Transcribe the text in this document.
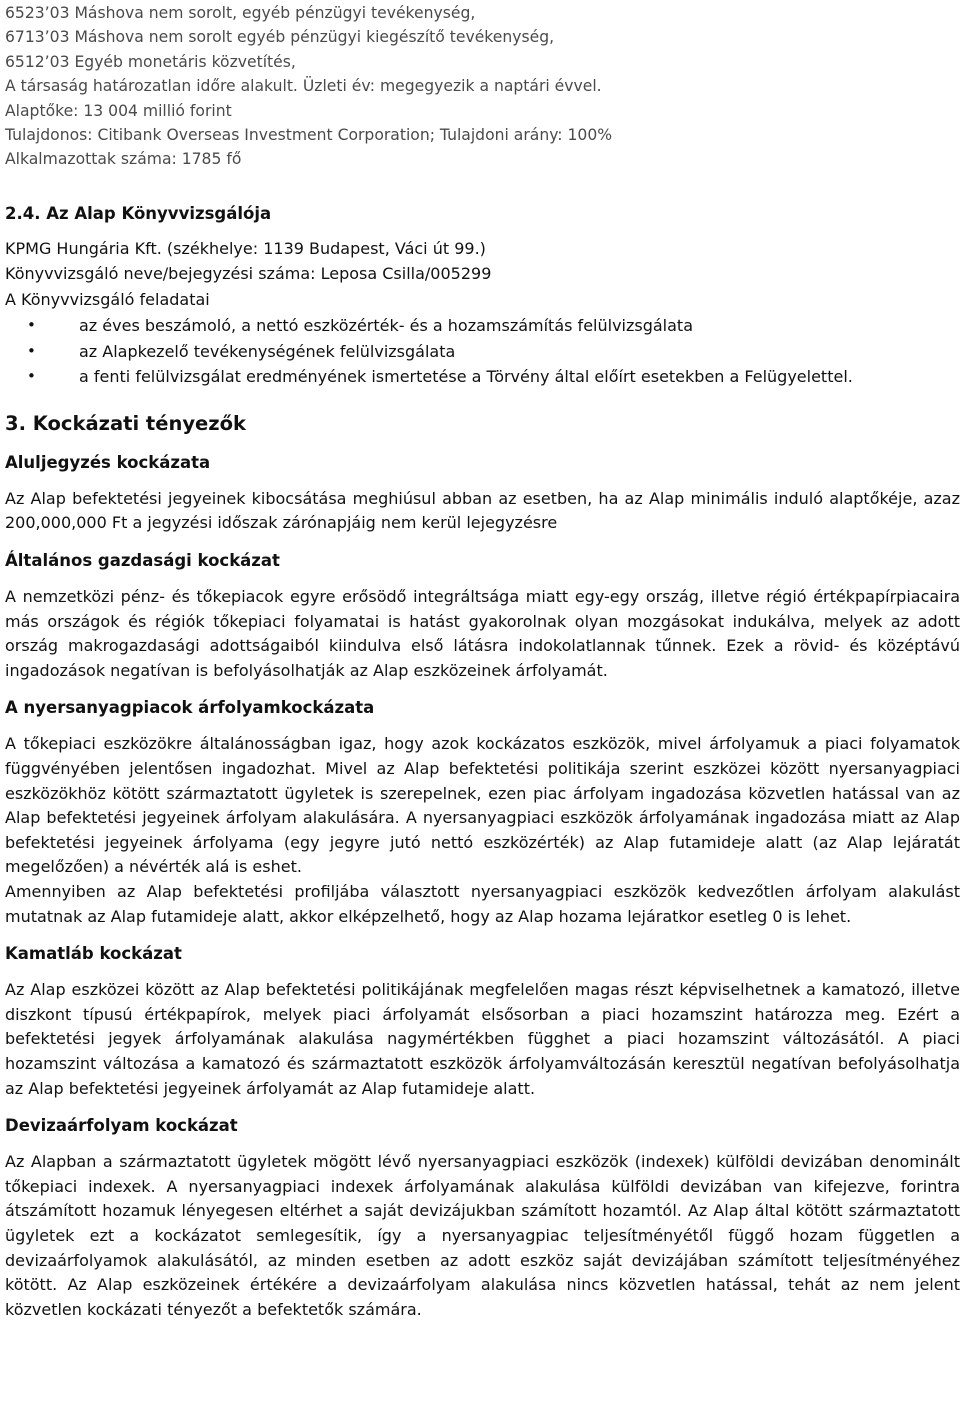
6523’03 Máshova nem sorolt, egyéb pénzügyi tevékenység,
6713’03 Máshova nem sorolt egyéb pénzügyi kiegészítő tevékenység,
6512’03 Egyéb monetáris közvetítés,
A társaság határozatlan időre alakult. Üzleti év: megegyezik a naptári évvel.
Alaptőke: 13 004 millió forint
Tulajdonos: Citibank Overseas Investment Corporation; Tulajdoni arány: 100%
Alkalmazottak száma: 1785 fő
2.4. Az Alap Könyvvizsgálója
KPMG Hungária Kft. (székhelye: 1139 Budapest, Váci út 99.)
Könyvvizsgáló neve/bejegyzési száma: Leposa Csilla/005299
A Könyvvizsgáló feladatai
•	az éves beszámoló, a nettó eszközérték- és a hozamszámítás felülvizsgálata
•	az Alapkezelő tevékenységének felülvizsgálata
•	a fenti felülvizsgálat eredményének ismertetése a Törvény által előírt esetekben a Felügyelettel.
3. Kockázati tényezők
Aluljegyzés kockázata

Az Alap befektetési jegyeinek kibocsátása meghiúsul abban az esetben, ha az Alap minimális induló alaptőkéje, azaz 200,000,000 Ft a jegyzési időszak zárónapjáig nem kerül lejegyzésre

Általános gazdasági kockázat

A nemzetközi pénz- és tőkepiacok egyre erősödő integráltsága miatt egy-egy ország, illetve régió értékpapírpiacaira más országok és régiók tőkepiaci folyamatai is hatást gyakorolnak olyan mozgásokat indukálva, melyek az adott ország makrogazdasági adottságaiból kiindulva első látásra indokolatlannak tűnnek. Ezek a rövid- és középtávú ingadozások negatívan is befolyásolhatják az Alap eszközeinek árfolyamát.

A nyersanyagpiacok árfolyamkockázata

A tőkepiaci eszközökre általánosságban igaz, hogy azok kockázatos eszközök, mivel árfolyamuk a piaci folyamatok függvényében jelentősen ingadozhat. Mivel az Alap befektetési politikája szerint eszközei között nyersanyagpiaci eszközökhöz kötött származtatott ügyletek is szerepelnek, ezen piac árfolyam ingadozása közvetlen hatással van az Alap befektetési jegyeinek árfolyam alakulására. A nyersanyagpiaci eszközök árfolyamának ingadozása miatt az Alap befektetési jegyeinek árfolyama (egy jegyre jutó nettó eszközérték) az Alap futamideje alatt (az Alap lejáratát megelőzően) a névérték alá is eshet.

Amennyiben az Alap befektetési profiljába választott nyersanyagpiaci eszközök kedvezőtlen árfolyam alakulást mutatnak az Alap futamideje alatt, akkor elképzelhető, hogy az Alap hozama lejáratkor esetleg 0 is lehet.

Kamatláb kockázat

Az Alap eszközei között az Alap befektetési politikájának megfelelően magas részt képviselhetnek a kamatozó, illetve diszkont típusú értékpapírok, melyek piaci árfolyamát elsősorban a piaci hozamszint határozza meg. Ezért a befektetési jegyek árfolyamának alakulása nagymértékben függhet a piaci hozamszint változásától. A piaci hozamszint változása a kamatozó és származtatott eszközök árfolyamváltozásán keresztül negatívan befolyásolhatja az Alap befektetési jegyeinek árfolyamát az Alap futamideje alatt.

Devizaárfolyam kockázat

Az Alapban a származtatott ügyletek mögött lévő nyersanyagpiaci eszközök (indexek) külföldi devizában denominált tőkepiaci indexek. A nyersanyagpiaci indexek árfolyamának alakulása külföldi devizában van kifejezve, forintra átszámított hozamuk lényegesen eltérhet a saját devizájukban számított hozamtól. Az Alap által kötött származtatott ügyletek ezt a kockázatot semlegesítik, így a nyersanyagpiac teljesítményétől függő hozam független a devizaárfolyamok alakulásától, az minden esetben az adott eszköz saját devizájában számított teljesítményéhez kötött. Az Alap eszközeinek értékére a devizaárfolyam alakulása nincs közvetlen hatással, tehát az nem jelent közvetlen kockázati tényezőt a befektetők számára.
